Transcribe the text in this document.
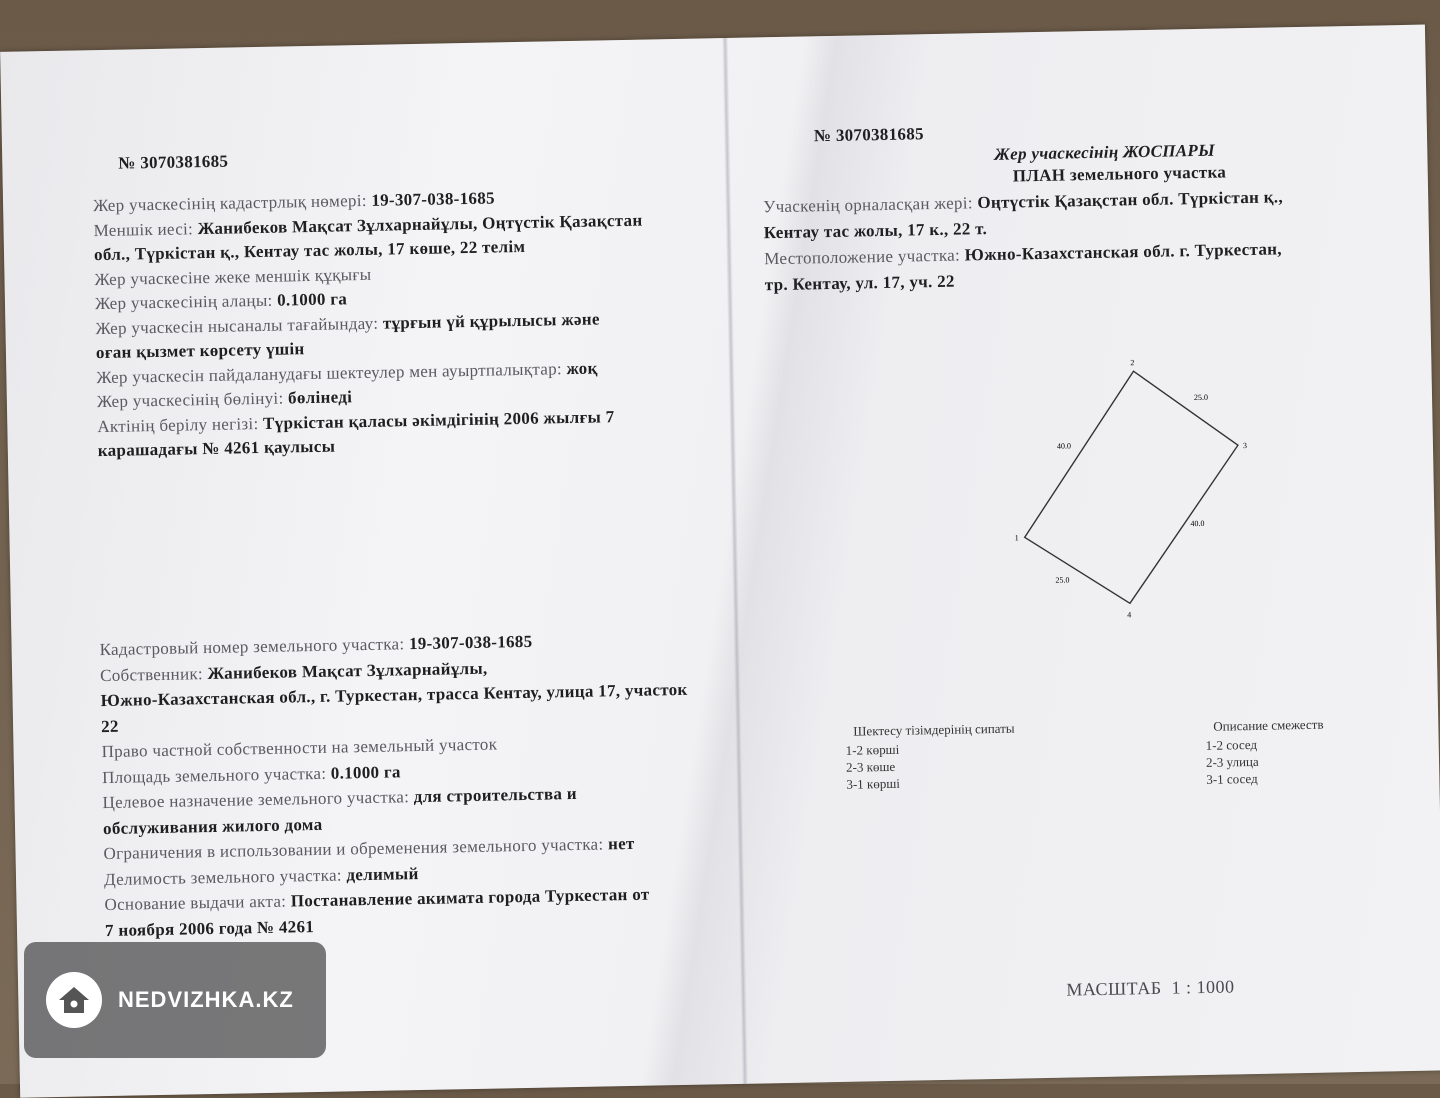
№ 3070381685
Жер учаскесінің кадастрлық нөмері: 19-307-038-1685
Меншік иесі: Жанибеков Мақсат Зұлхарнайұлы, Оңтүстік Қазақстан
обл., Түркістан қ., Кентау тас жолы, 17 көше, 22 телім
Жер учаскесіне жеке меншік құқығы
Жер учаскесінің алаңы: 0.1000 га
Жер учаскесін нысаналы тағайындау: тұрғын үй құрылысы және
оған қызмет көрсету үшін
Жер учаскесін пайдаланудағы шектеулер мен ауыртпалықтар: жоқ
Жер учаскесінің бөлінуі: бөлінеді
Актінің берілу негізі: Түркістан қаласы әкімдігінің 2006 жылғы 7
карашадағы № 4261 қаулысы
Кадастровый номер земельного участка: 19-307-038-1685
Собственник: Жанибеков Мақсат Зұлхарнайұлы,
Южно-Казахстанская обл., г. Туркестан, трасса Кентау, улица 17, участок
22
Право частной собственности на земельный участок
Площадь земельного участка: 0.1000 га
Целевое назначение земельного участка: для строительства и
обслуживания жилого дома
Ограничения в использовании и обременения земельного участка: нет
Делимость земельного участка: делимый
Основание выдачи акта: Постанавление акимата города Туркестан от
7 ноября 2006 года № 4261
№ 3070381685
Жер учаскесінің ЖОСПАРЫ
ПЛАН земельного участка
Учаскенің орналасқан жері: Оңтүстік Қазақстан обл. Түркістан қ.,
Кентау тас жолы, 17 к., 22 т.
Местоположение участка: Южно-Казахстанская обл. г. Туркестан,
тр. Кентау, ул. 17, уч. 22
1
2
3
4
40.0
25.0
40.0
25.0
Шектесу тізімдерінің сипаты
1-2 көрші
2-3 көше
3-1 көрші
Описание смежеств
1-2 сосед
2-3 улица
3-1 сосед
МАСШТАБ 1 : 1000
NEDVIZHKA.KZ
